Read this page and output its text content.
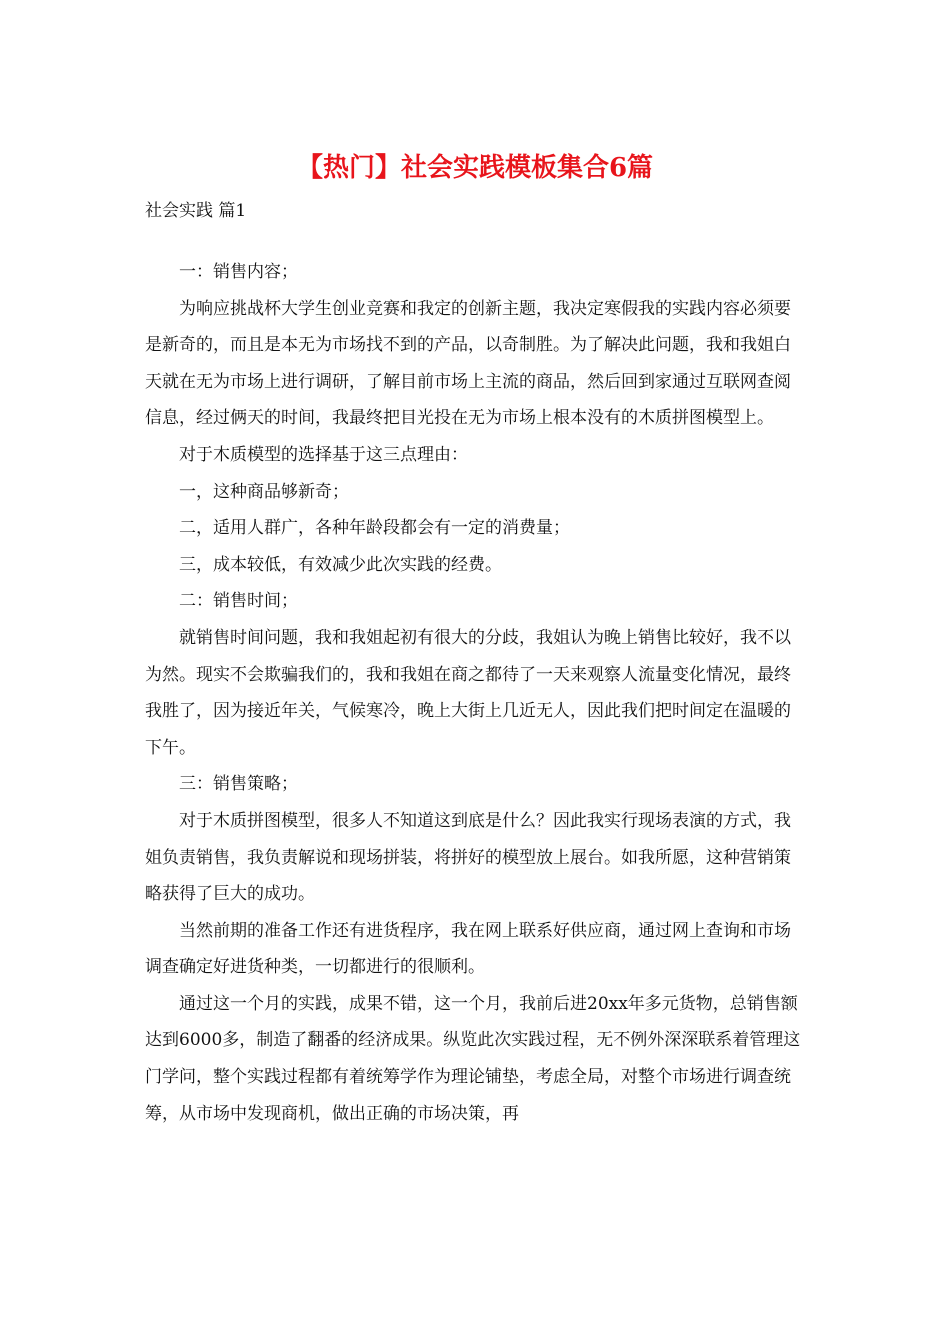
【热门】社会实践模板集合6篇
社会实践 篇1

一：销售内容；

为响应挑战杯大学生创业竞赛和我定的创新主题，我决定寒假我的实践内容必须要是新奇的，而且是本无为市场找不到的产品，以奇制胜。为了解决此问题，我和我姐白天就在无为市场上进行调研，了解目前市场上主流的商品，然后回到家通过互联网查阅信息，经过俩天的时间，我最终把目光投在无为市场上根本没有的木质拼图模型上。

对于木质模型的选择基于这三点理由：

一，这种商品够新奇；

二，适用人群广，各种年龄段都会有一定的消费量；

三，成本较低，有效减少此次实践的经费。

二：销售时间；

就销售时间问题，我和我姐起初有很大的分歧，我姐认为晚上销售比较好，我不以为然。现实不会欺骗我们的，我和我姐在商之都待了一天来观察人流量变化情况，最终我胜了，因为接近年关，气候寒冷，晚上大街上几近无人，因此我们把时间定在温暖的下午。

三：销售策略；

对于木质拼图模型，很多人不知道这到底是什么？因此我实行现场表演的方式，我姐负责销售，我负责解说和现场拼装，将拼好的模型放上展台。如我所愿，这种营销策略获得了巨大的成功。

当然前期的准备工作还有进货程序，我在网上联系好供应商，通过网上查询和市场调查确定好进货种类，一切都进行的很顺利。

通过这一个月的实践，成果不错，这一个月，我前后进20xx年多元货物，总销售额达到6000多，制造了翻番的经济成果。纵览此次实践过程，无不例外深深联系着管理这门学问，整个实践过程都有着统筹学作为理论铺垫，考虑全局，对整个市场进行调查统筹，从市场中发现商机，做出正确的市场决策，再
